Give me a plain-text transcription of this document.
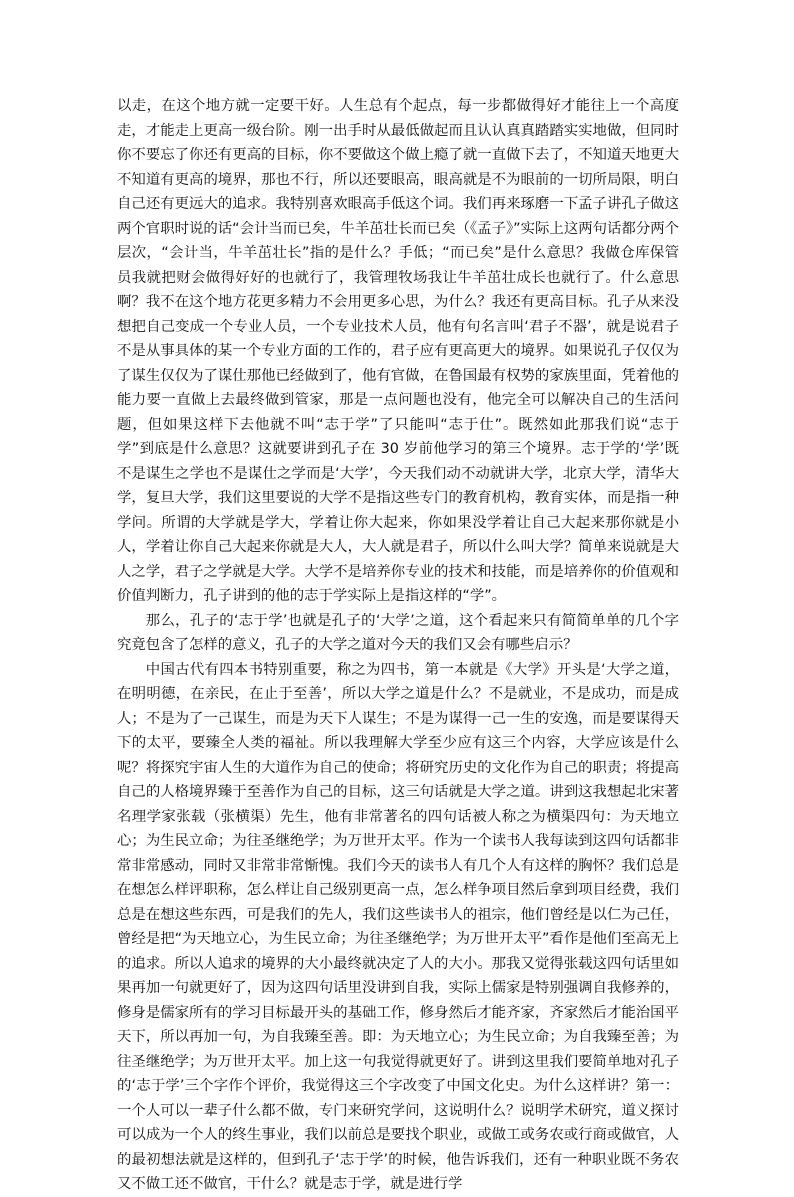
以走，在这个地方就一定要干好。人生总有个起点，每一步都做得好才能往上一个高度走，才能走上更高一级台阶。刚一出手时从最低做起而且认认真真踏踏实实地做，但同时你不要忘了你还有更高的目标，你不要做这个做上瘾了就一直做下去了，不知道天地更大不知道有更高的境界，那也不行，所以还要眼高，眼高就是不为眼前的一切所局限，明白自己还有更远大的追求。我特别喜欢眼高手低这个词。我们再来琢磨一下孟子讲孔子做这两个官职时说的话“会计当而已矣，牛羊茁壮长而已矣（《孟子》”实际上这两句话都分两个层次，“会计当，牛羊茁壮长”指的是什么？手低；“而已矣”是什么意思？我做仓库保管员我就把财会做得好好的也就行了，我管理牧场我让牛羊茁壮成长也就行了。什么意思啊？我不在这个地方花更多精力不会用更多心思，为什么？我还有更高目标。孔子从来没想把自己变成一个专业人员，一个专业技术人员，他有句名言叫‘君子不器’，就是说君子不是从事具体的某一个专业方面的工作的，君子应有更高更大的境界。如果说孔子仅仅为了谋生仅仅为了谋仕那他已经做到了，他有官做，在鲁国最有权势的家族里面，凭着他的能力要一直做上去最终做到管家，那是一点问题也没有，他完全可以解决自己的生活问题，但如果这样下去他就不叫“志于学”了只能叫“志于仕”。既然如此那我们说“志于学”到底是什么意思？这就要讲到孔子在 30 岁前他学习的第三个境界。志于学的‘学’既不是谋生之学也不是谋仕之学而是‘大学’，今天我们动不动就讲大学，北京大学，清华大学，复旦大学，我们这里要说的大学不是指这些专门的教育机构，教育实体，而是指一种学问。所谓的大学就是学大，学着让你大起来，你如果没学着让自己大起来那你就是小人，学着让你自己大起来你就是大人，大人就是君子，所以什么叫大学？简单来说就是大人之学，君子之学就是大学。大学不是培养你专业的技术和技能，而是培养你的价值观和价值判断力，孔子讲到的他的志于学实际上是指这样的“学”。

那么，孔子的‘志于学’也就是孔子的‘大学’之道，这个看起来只有简简单单的几个字究竟包含了怎样的意义，孔子的大学之道对今天的我们又会有哪些启示？

中国古代有四本书特别重要，称之为四书，第一本就是《大学》开头是‘大学之道，在明明德，在亲民，在止于至善’，所以大学之道是什么？不是就业，不是成功，而是成人；不是为了一己谋生，而是为天下人谋生；不是为谋得一己一生的安逸，而是要谋得天下的太平，要臻全人类的福祉。所以我理解大学至少应有这三个内容，大学应该是什么呢？将探究宇宙人生的大道作为自己的使命；将研究历史的文化作为自己的职责；将提高自己的人格境界臻于至善作为自己的目标，这三句话就是大学之道。讲到这我想起北宋著名理学家张载（张横渠）先生，他有非常著名的四句话被人称之为横渠四句：为天地立心；为生民立命；为往圣继绝学；为万世开太平。作为一个读书人我每读到这四句话都非常非常感动，同时又非常非常惭愧。我们今天的读书人有几个人有这样的胸怀？我们总是在想怎么样评职称，怎么样让自己级别更高一点，怎么样争项目然后拿到项目经费，我们总是在想这些东西，可是我们的先人，我们这些读书人的祖宗，他们曾经是以仁为己任，曾经是把“为天地立心，为生民立命；为往圣继绝学；为万世开太平”看作是他们至高无上的追求。所以人追求的境界的大小最终就决定了人的大小。那我又觉得张载这四句话里如果再加一句就更好了，因为这四句话里没讲到自我，实际上儒家是特别强调自我修养的，修身是儒家所有的学习目标最开头的基础工作，修身然后才能齐家，齐家然后才能治国平天下，所以再加一句，为自我臻至善。即：为天地立心；为生民立命；为自我臻至善；为往圣继绝学；为万世开太平。加上这一句我觉得就更好了。讲到这里我们要简单地对孔子的‘志于学’三个字作个评价，我觉得这三个字改变了中国文化史。为什么这样讲？第一：一个人可以一辈子什么都不做，专门来研究学问，这说明什么？说明学术研究，道义探讨可以成为一个人的终生事业，我们以前总是要找个职业，或做工或务农或行商或做官，人的最初想法就是这样的，但到孔子‘志于学’的时候，他告诉我们，还有一种职业既不务农又不做工还不做官，干什么？就是志于学，就是进行学
